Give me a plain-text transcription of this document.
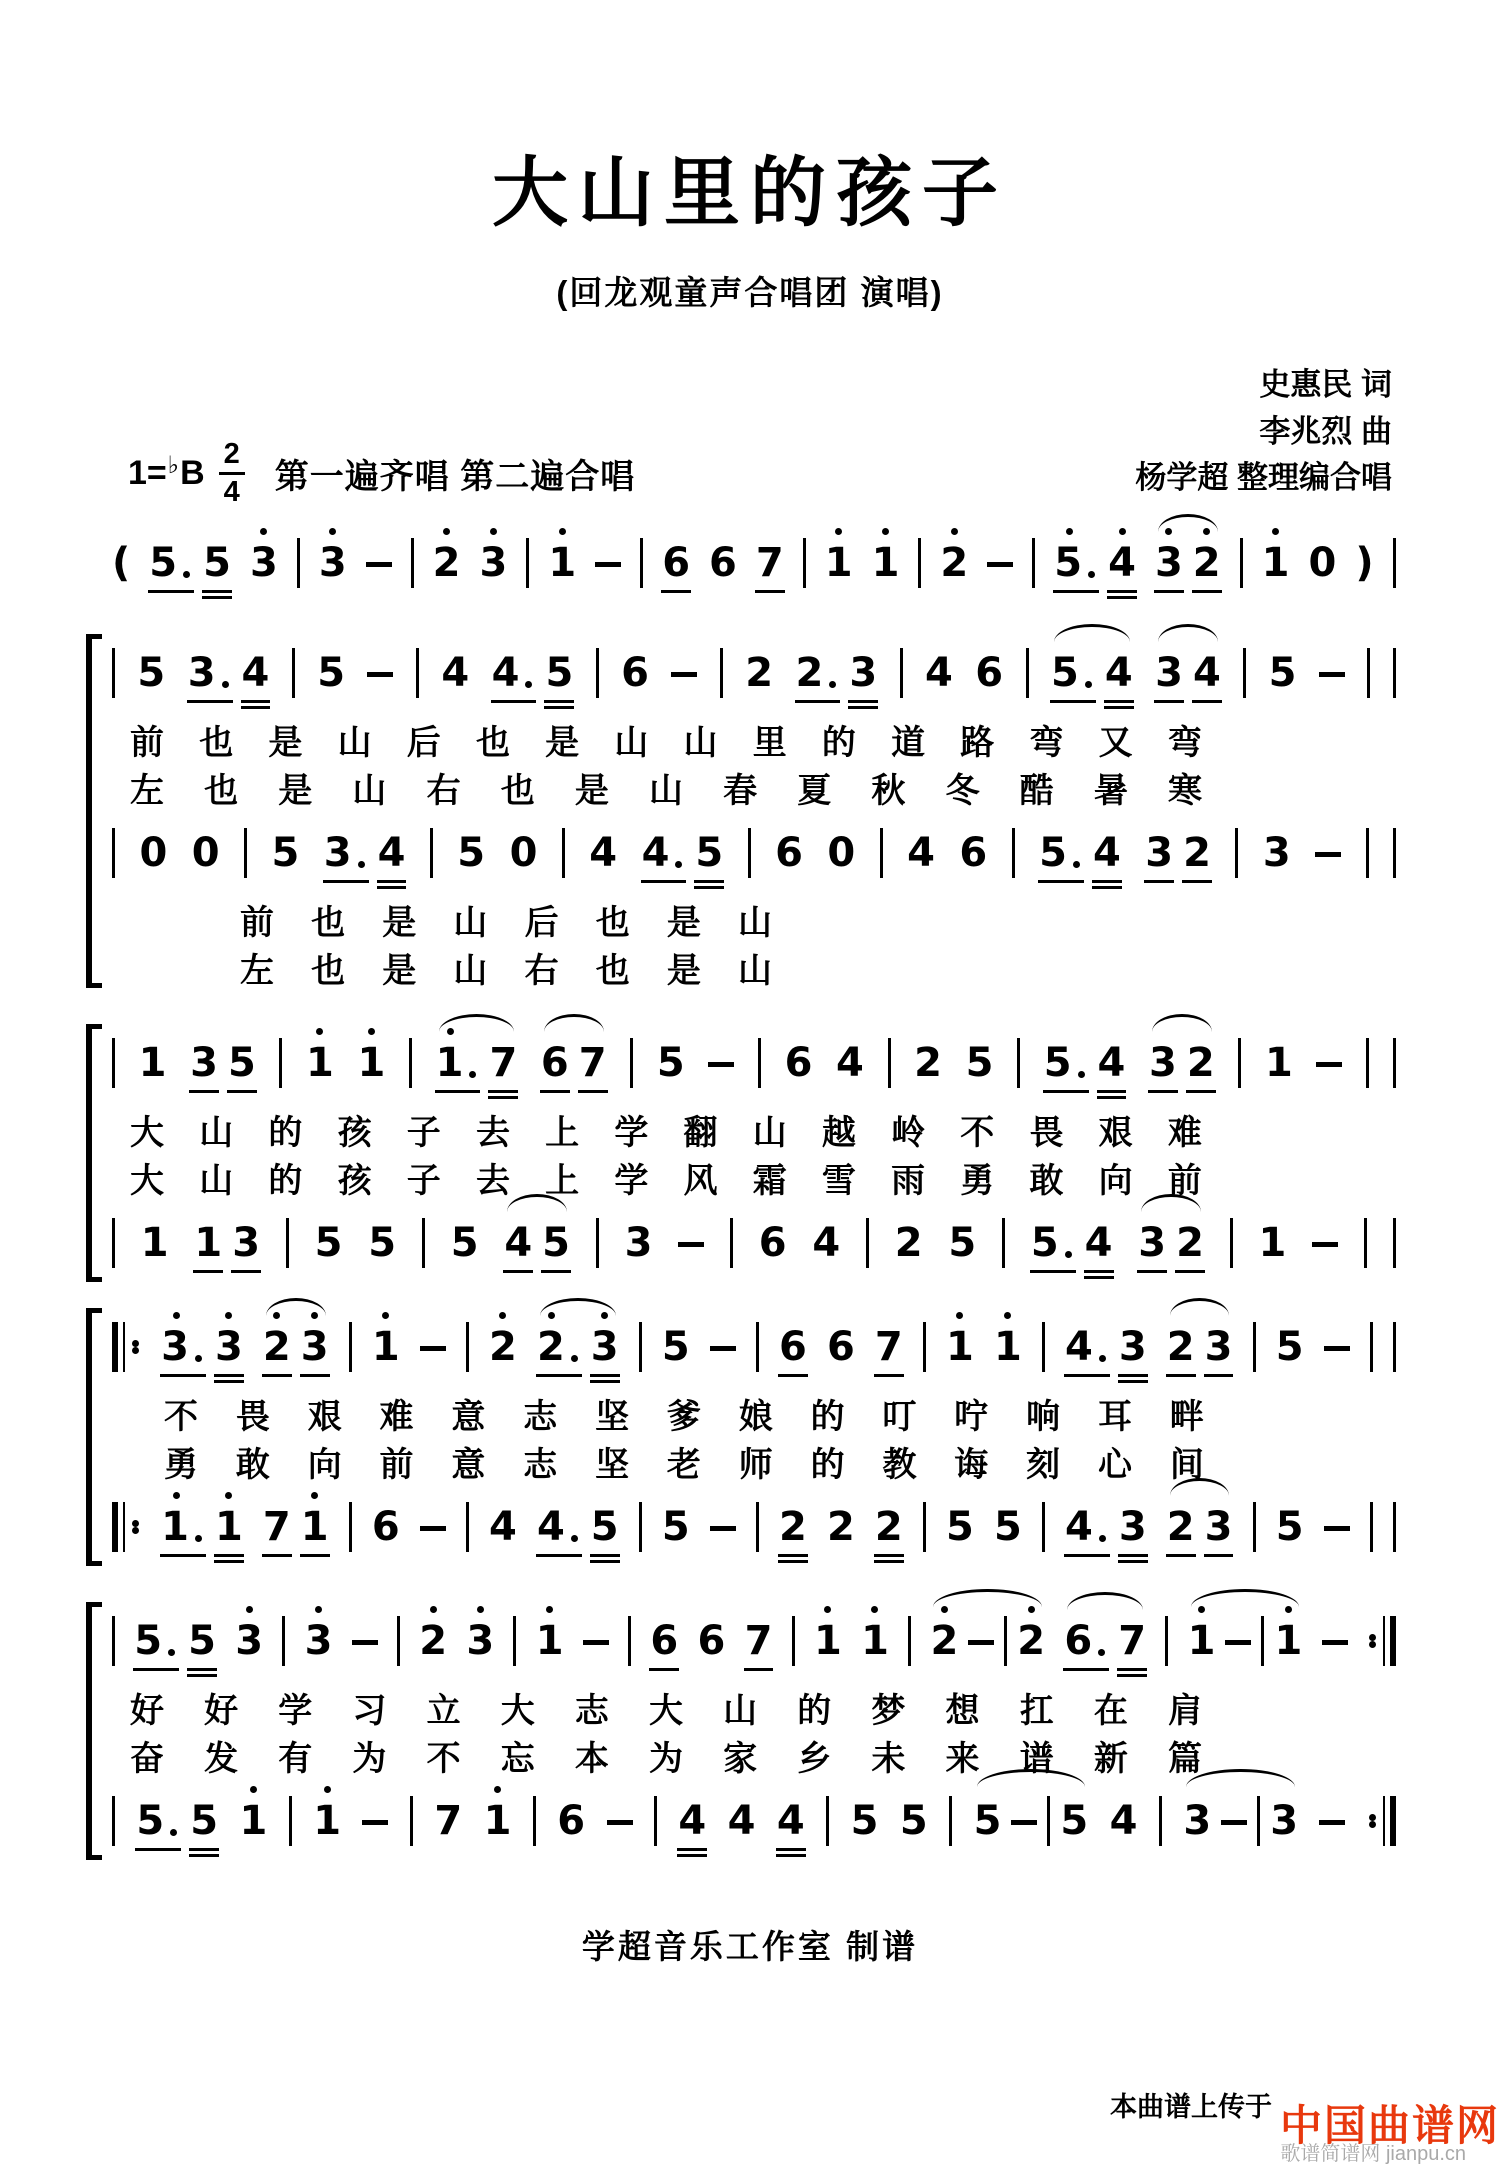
大山里的孩子
(回龙观童声合唱团 演唱)
史惠民 词
李兆烈 曲
杨学超 整理编合唱
1=♭ B $\frac{2}{4}$ 第一遍齐唱 第二遍合唱
( 5 5 3 3 2 3 1 6 6 7 1 1 2 5 4 3 2 1 0 )
5 3 4 5 4 4 5 6 2 2 3 4 6 5 4 3 4 5
前 也 是 山 后 也 是 山 山 里 的 道 路 弯 又 弯
左 也 是 山 右 也 是 山 春 夏 秋 冬 酷 暑 寒
0 0 5 3 4 5 0 4 4 5 6 0 4 6 5 4 3 2 3
前 也 是 山 后 也 是 山
左 也 是 山 右 也 是 山
1 3 5 1 1 1 7 6 7 5 6 4 2 5 5 4 3 2 1
大 山 的 孩 子 去 上 学 翻 山 越 岭 不 畏 艰 难
大 山 的 孩 子 去 上 学 风 霜 雪 雨 勇 敢 向 前
1 1 3 5 5 5 4 5 3	6 4 2 5 5 4 3 2 1
3 3 2 3 1 2 2 3 5 6 6 7 1 1 4 3 2 3 5
不 畏 艰 难 意 志 坚 爹 娘 的 叮 咛 响 耳 畔
勇 敢 向 前 意 志 坚 老 师 的 教 诲 刻 心 间
1 1 7 1 6 4 4 5 5 2 2 2 5 5 4 3 2 3 5
5 5 3 3 2 3 1 6 6 7 1 1 2 2 6 7 1 1
好 好 学 习 立 大 志 大 山 的 梦 想 扛 在 肩
奋 发 有 为 不 忘 本 为 家 乡 未 来 谱 新 篇
5 5 1 1 7 1 6 4 4 4 5 5 5 5 4 3 3
学超音乐工作室 制谱
本曲谱上传于 中国曲谱网
歌谱简谱网 jianpu.cn
